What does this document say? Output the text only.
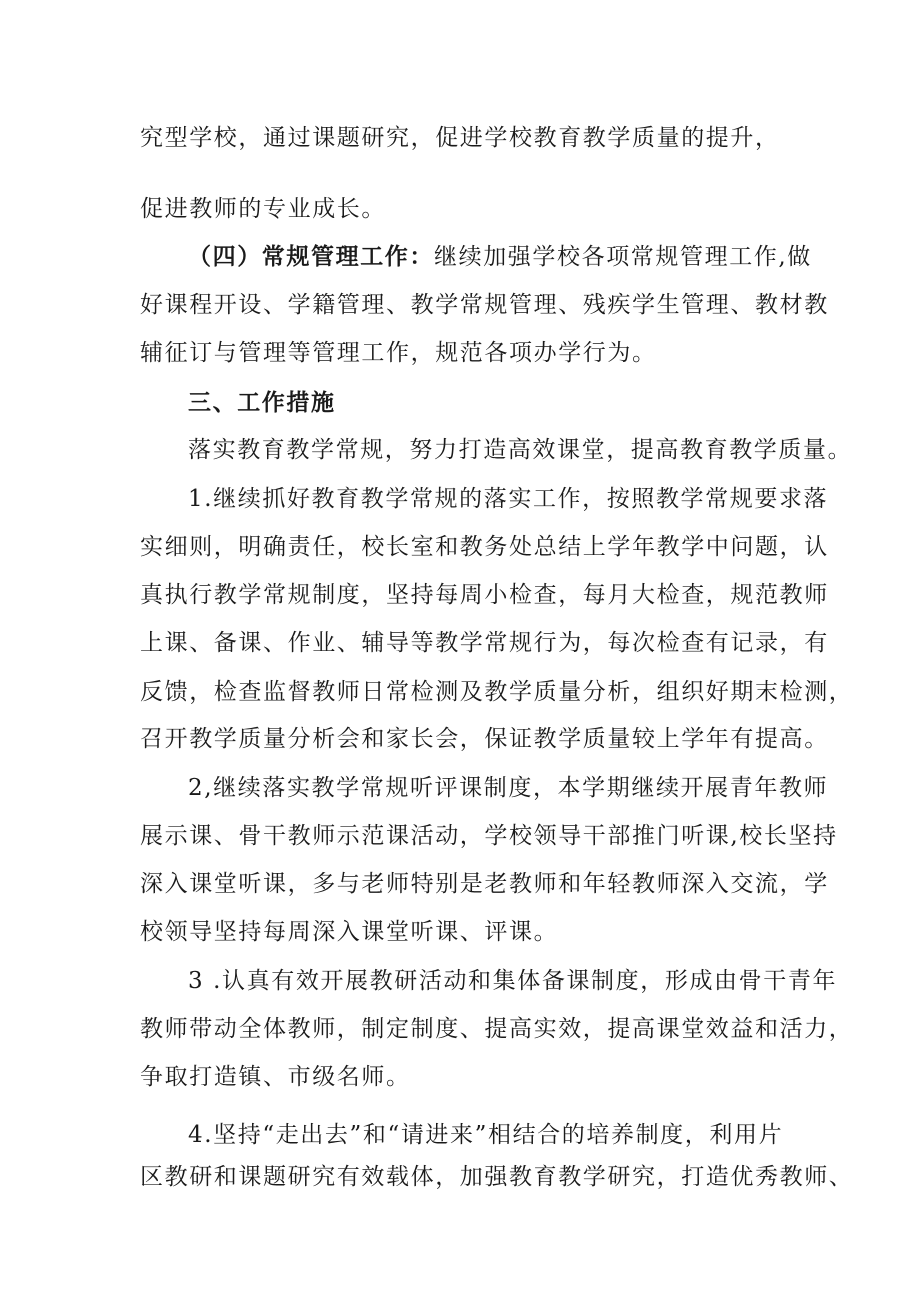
究型学校，通过课题研究，促进学校教育教学质量的提升，
促进教师的专业成长。
（四）常规管理工作：继续加强学校各项常规管理工作,做
好课程开设、学籍管理、教学常规管理、残疾学生管理、教材教
辅征订与管理等管理工作，规范各项办学行为。
三、工作措施
落实教育教学常规，努力打造高效课堂，提高教育教学质量。
1.继续抓好教育教学常规的落实工作，按照教学常规要求落
实细则，明确责任，校长室和教务处总结上学年教学中问题，认
真执行教学常规制度，坚持每周小检查，每月大检查，规范教师
上课、备课、作业、辅导等教学常规行为，每次检查有记录，有
反馈，检查监督教师日常检测及教学质量分析，组织好期末检测，
召开教学质量分析会和家长会，保证教学质量较上学年有提高。
2,继续落实教学常规听评课制度，本学期继续开展青年教师
展示课、骨干教师示范课活动，学校领导干部推门听课,校长坚持
深入课堂听课，多与老师特别是老教师和年轻教师深入交流，学
校领导坚持每周深入课堂听课、评课。
3 .认真有效开展教研活动和集体备课制度，形成由骨干青年
教师带动全体教师，制定制度、提高实效，提高课堂效益和活力，
争取打造镇、市级名师。
4.坚持“走出去”和“请进来”相结合的培养制度，利用片
区教研和课题研究有效载体，加强教育教学研究，打造优秀教师、
